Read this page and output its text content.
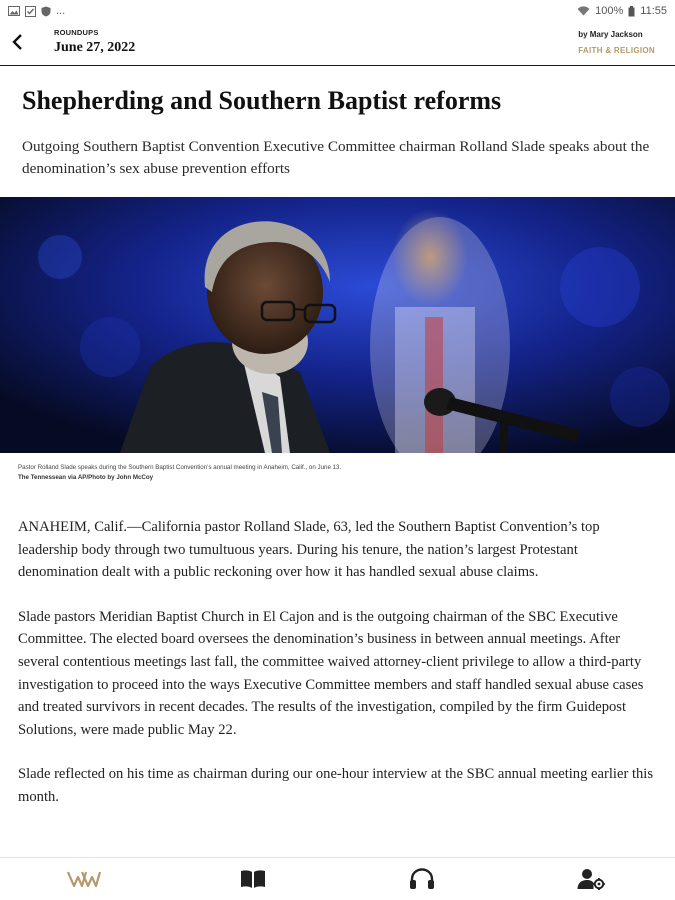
...	100% 11:55
ROUNDUPS
June 27, 2022
by Mary Jackson
FAITH & RELIGION
Shepherding and Southern Baptist reforms

Outgoing Southern Baptist Convention Executive Committee chairman Rolland Slade speaks about the denomination’s sex abuse prevention efforts

Pastor Rolland Slade speaks during the Southern Baptist Convention’s annual meeting in Anaheim, Calif., on June 13.
The Tennessean via AP/Photo by John McCoy

ANAHEIM, Calif.—California pastor Rolland Slade, 63, led the Southern Baptist Convention’s top leadership body through two tumultuous years. During his tenure, the nation’s largest Protestant denomination dealt with a public reckoning over how it has handled sexual abuse claims.

Slade pastors Meridian Baptist Church in El Cajon and is the outgoing chairman of the SBC Executive Committee. The elected board oversees the denomination’s business in between annual meetings. After several contentious meetings last fall, the committee waived attorney-client privilege to allow a third-party investigation to proceed into the ways Executive Committee members and staff handled sexual abuse cases and treated survivors in recent decades. The results of the investigation, compiled by the firm Guidepost Solutions, were made public May 22.

Slade reflected on his time as chairman during our one-hour interview at the SBC annual meeting earlier this month.
